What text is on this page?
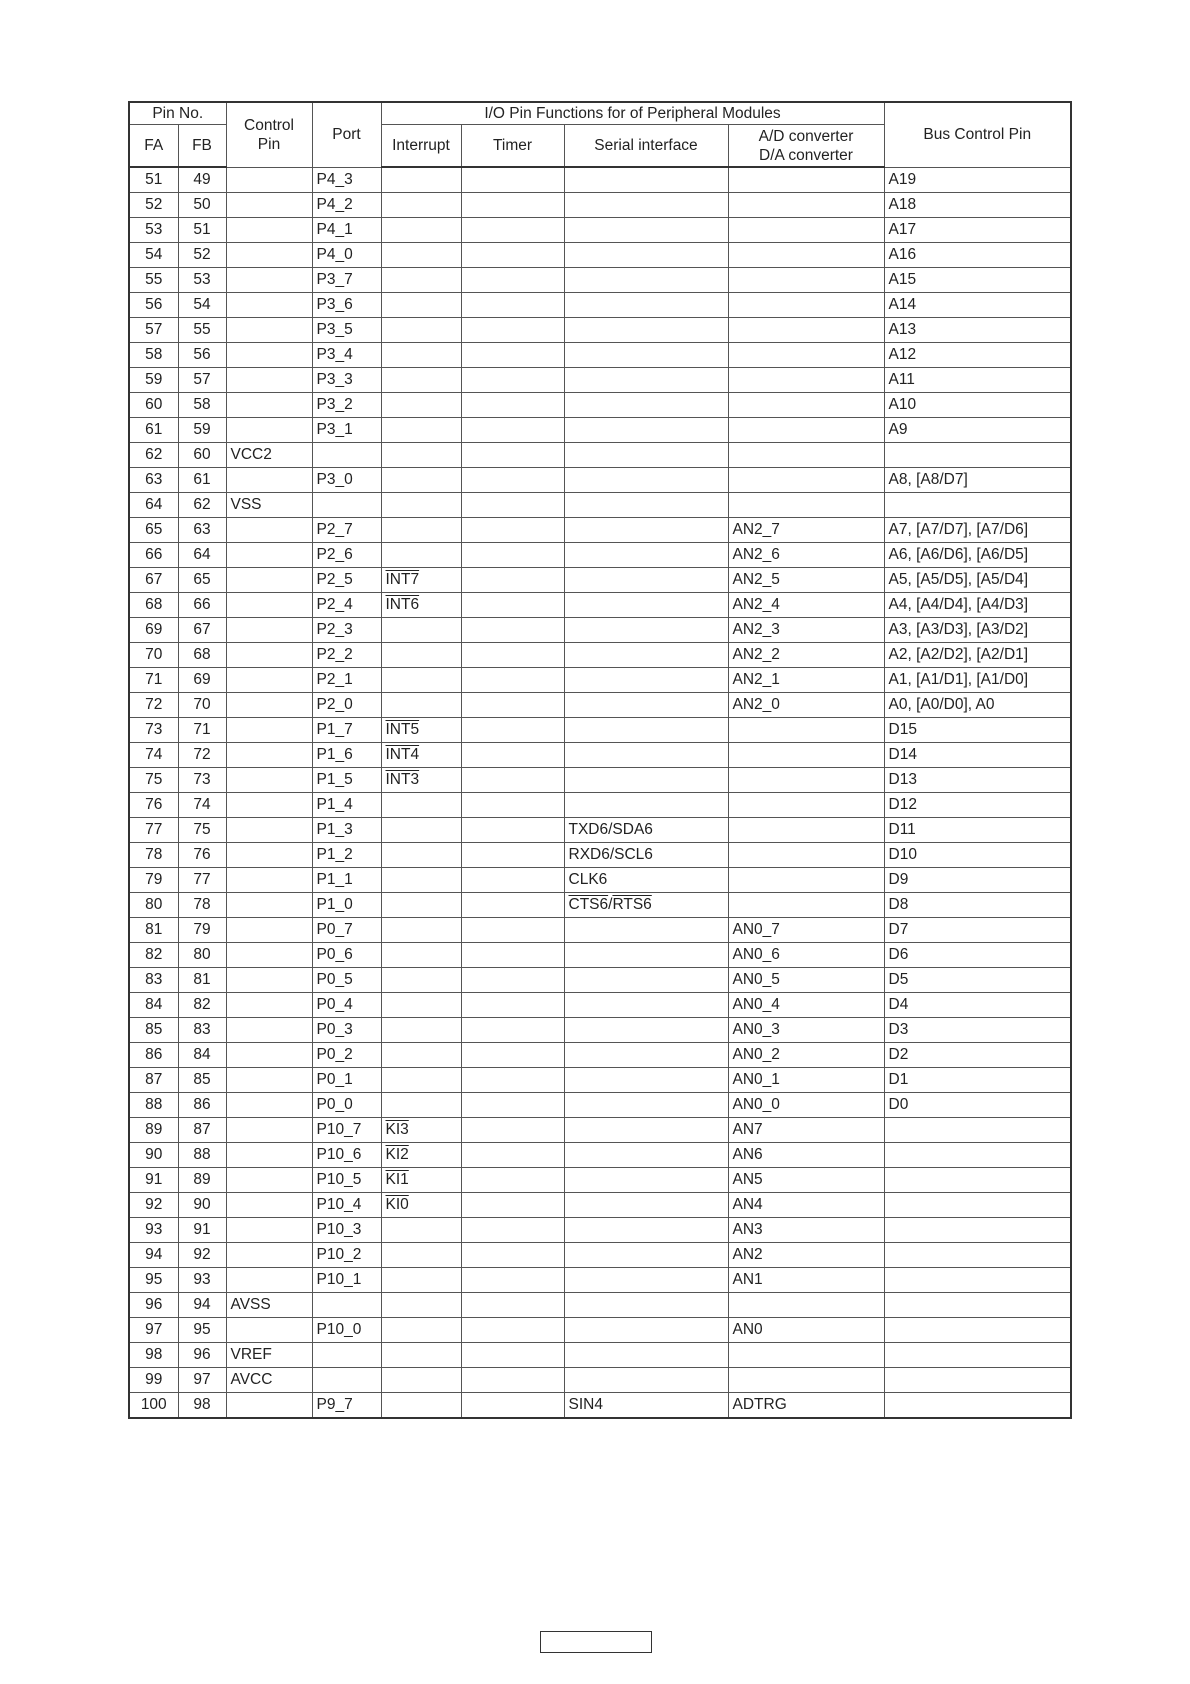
Pin No.		Control
Pin	Port	I/O Pin Functions for of Peripheral Modules				Bus Control Pin
FA	FB			Interrupt	Timer	Serial interface	A/D converter
D/A converter	
51	49		P4_3					A19
52	50		P4_2					A18
53	51		P4_1					A17
54	52		P4_0					A16
55	53		P3_7					A15
56	54		P3_6					A14
57	55		P3_5					A13
58	56		P3_4					A12
59	57		P3_3					A11
60	58		P3_2					A10
61	59		P3_1					A9
62	60	VCC2						
63	61		P3_0					A8, [A8/D7]
64	62	VSS						
65	63		P2_7				AN2_7	A7, [A7/D7], [A7/D6]
66	64		P2_6				AN2_6	A6, [A6/D6], [A6/D5]
67	65		P2_5	INT7			AN2_5	A5, [A5/D5], [A5/D4]
68	66		P2_4	INT6			AN2_4	A4, [A4/D4], [A4/D3]
69	67		P2_3				AN2_3	A3, [A3/D3], [A3/D2]
70	68		P2_2				AN2_2	A2, [A2/D2], [A2/D1]
71	69		P2_1				AN2_1	A1, [A1/D1], [A1/D0]
72	70		P2_0				AN2_0	A0, [A0/D0], A0
73	71		P1_7	INT5				D15
74	72		P1_6	INT4				D14
75	73		P1_5	INT3				D13
76	74		P1_4					D12
77	75		P1_3			TXD6/SDA6		D11
78	76		P1_2			RXD6/SCL6		D10
79	77		P1_1			CLK6		D9
80	78		P1_0			CTS6/RTS6		D8
81	79		P0_7				AN0_7	D7
82	80		P0_6				AN0_6	D6
83	81		P0_5				AN0_5	D5
84	82		P0_4				AN0_4	D4
85	83		P0_3				AN0_3	D3
86	84		P0_2				AN0_2	D2
87	85		P0_1				AN0_1	D1
88	86		P0_0				AN0_0	D0
89	87		P10_7	KI3			AN7	
90	88		P10_6	KI2			AN6	
91	89		P10_5	KI1			AN5	
92	90		P10_4	KI0			AN4	
93	91		P10_3				AN3	
94	92		P10_2				AN2	
95	93		P10_1				AN1	
96	94	AVSS						
97	95		P10_0				AN0	
98	96	VREF						
99	97	AVCC						
100	98		P9_7			SIN4	ADTRG	
